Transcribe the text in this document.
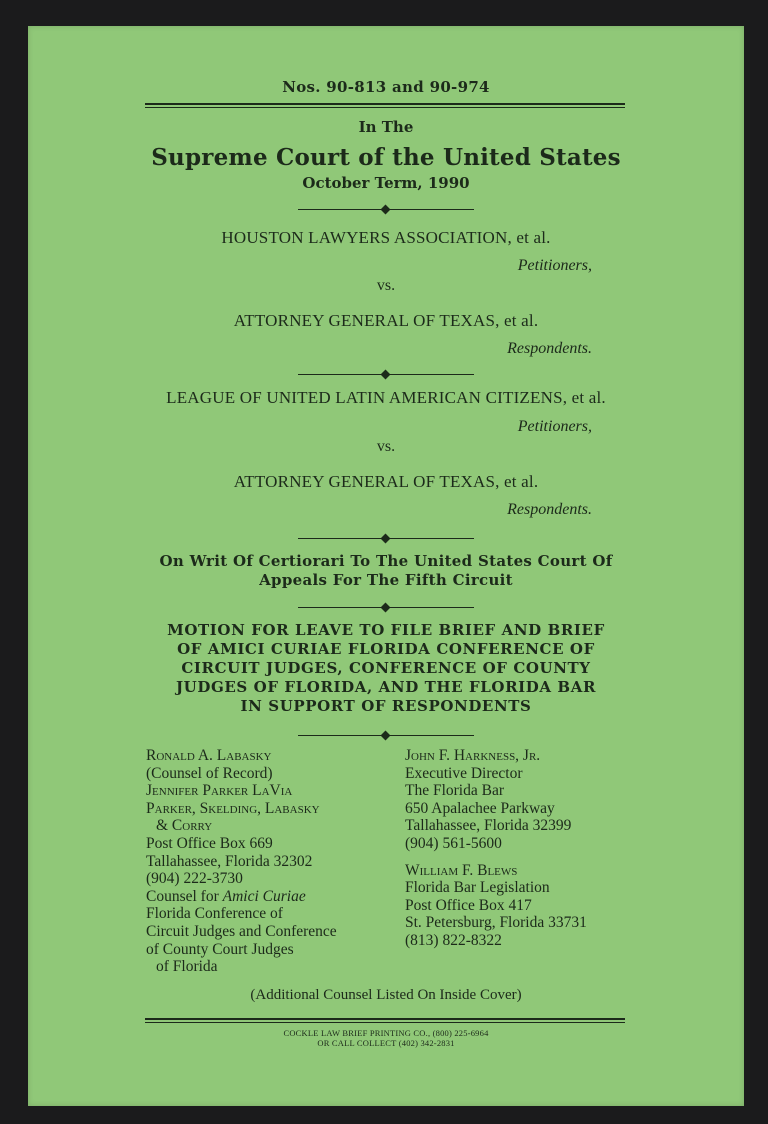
Nos. 90-813 and 90-974
In The
Supreme Court of the United States
October Term, 1990
HOUSTON LAWYERS ASSOCIATION, et al.
Petitioners,
vs.
ATTORNEY GENERAL OF TEXAS, et al.
Respondents.
LEAGUE OF UNITED LATIN AMERICAN CITIZENS, et al.
Petitioners,
vs.
ATTORNEY GENERAL OF TEXAS, et al.
Respondents.
On Writ Of Certiorari To The United States Court Of
Appeals For The Fifth Circuit
MOTION FOR LEAVE TO FILE BRIEF AND BRIEF
OF AMICI CURIAE FLORIDA CONFERENCE OF
CIRCUIT JUDGES, CONFERENCE OF COUNTY
JUDGES OF FLORIDA, AND THE FLORIDA BAR
IN SUPPORT OF RESPONDENTS
Ronald A. Labasky
(Counsel of Record)
Jennifer Parker LaVia
Parker, Skelding, Labasky
& Corry
Post Office Box 669
Tallahassee, Florida 32302
(904) 222-3730
Counsel for Amici Curiae
Florida Conference of
Circuit Judges and Conference
of County Court Judges
of Florida
John F. Harkness, Jr.
Executive Director
The Florida Bar
650 Apalachee Parkway
Tallahassee, Florida 32399
(904) 561-5600
William F. Blews
Florida Bar Legislation
Post Office Box 417
St. Petersburg, Florida 33731
(813) 822-8322
(Additional Counsel Listed On Inside Cover)
COCKLE LAW BRIEF PRINTING CO., (800) 225-6964
OR CALL COLLECT (402) 342-2831
